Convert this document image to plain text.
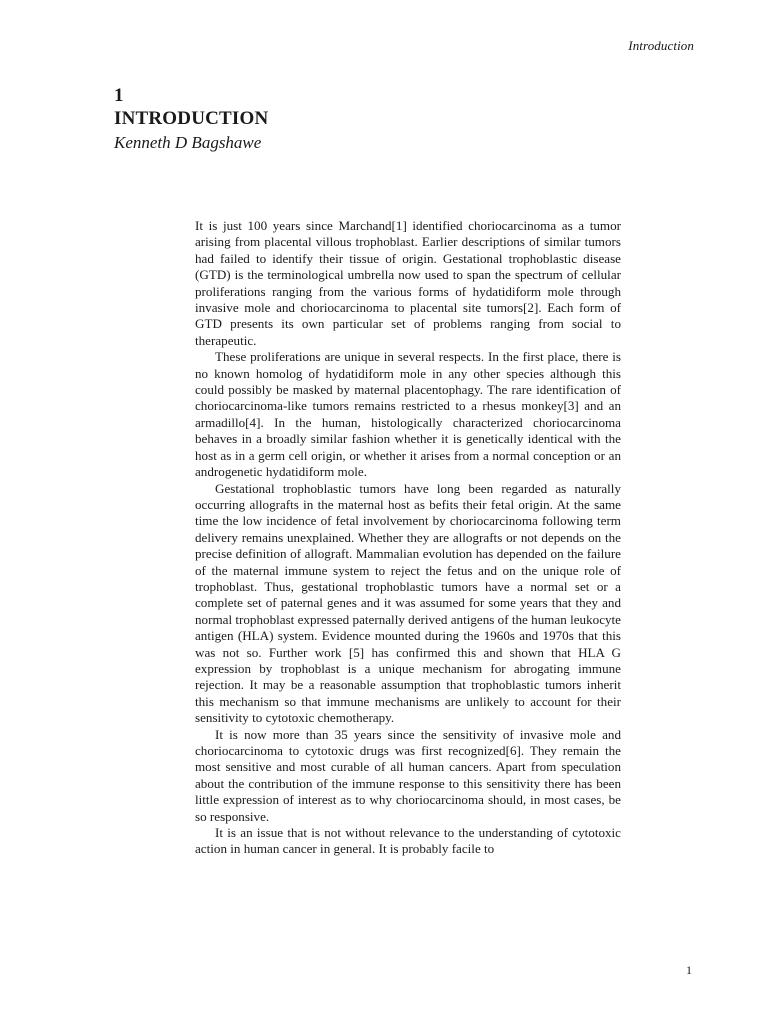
Introduction
1
INTRODUCTION
Kenneth D Bagshawe

It is just 100 years since Marchand[1] identified choriocarcinoma as a tumor arising from placental villous trophoblast. Earlier descriptions of similar tumors had failed to identify their tissue of origin. Gestational trophoblastic disease (GTD) is the terminological umbrella now used to span the spectrum of cellular proliferations ranging from the various forms of hydatidiform mole through invasive mole and choriocarcinoma to placental site tumors[2]. Each form of GTD presents its own particular set of problems ranging from social to therapeutic.

These proliferations are unique in several respects. In the first place, there is no known homolog of hydatidiform mole in any other species although this could possibly be masked by maternal placentophagy. The rare identification of choriocarcinoma-like tumors remains restricted to a rhesus monkey[3] and an armadillo[4]. In the human, histologically characterized choriocarcinoma behaves in a broadly similar fashion whether it is genetically identical with the host as in a germ cell origin, or whether it arises from a normal conception or an androgenetic hydatidiform mole.

Gestational trophoblastic tumors have long been regarded as naturally occurring allografts in the maternal host as befits their fetal origin. At the same time the low incidence of fetal involvement by choriocarcinoma following term delivery remains unexplained. Whether they are allografts or not depends on the precise definition of allograft. Mammalian evolution has depended on the failure of the maternal immune system to reject the fetus and on the unique role of trophoblast. Thus, gestational trophoblastic tumors have a normal set or a complete set of paternal genes and it was assumed for some years that they and normal trophoblast expressed paternally derived antigens of the human leukocyte antigen (HLA) system. Evidence mounted during the 1960s and 1970s that this was not so. Further work [5] has confirmed this and shown that HLA G expression by trophoblast is a unique mechanism for abrogating immune rejection. It may be a reasonable assumption that trophoblastic tumors inherit this mechanism so that immune mechanisms are unlikely to account for their sensitivity to cytotoxic chemotherapy.

It is now more than 35 years since the sensitivity of invasive mole and choriocarcinoma to cytotoxic drugs was first recognized[6]. They remain the most sensitive and most curable of all human cancers. Apart from speculation about the contribution of the immune response to this sensitivity there has been little expression of interest as to why choriocarcinoma should, in most cases, be so responsive.

It is an issue that is not without relevance to the understanding of cytotoxic action in human cancer in general. It is probably facile to

1
